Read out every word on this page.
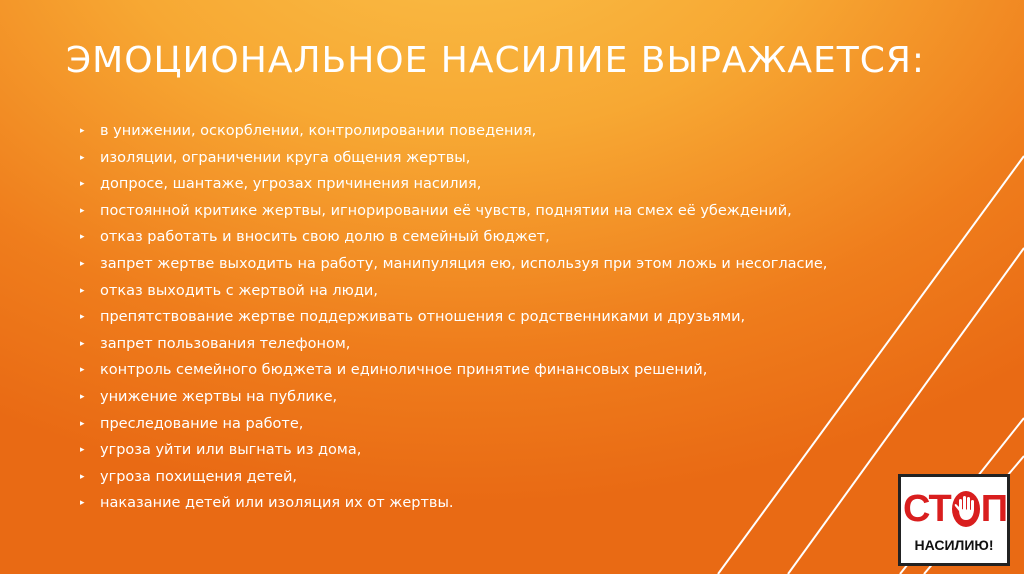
ЭМОЦИОНАЛЬНОЕ НАСИЛИЕ ВЫРАЖАЕТСЯ:
▸ в унижении, оскорблении, контролировании поведения,
▸ изоляции, ограничении круга общения жертвы,
▸ допросе, шантаже, угрозах причинения насилия,
▸ постоянной критике жертвы, игнорировании её чувств, поднятии на смех её убеждений,
▸ отказ работать и вносить свою долю в семейный бюджет,
▸ запрет жертве выходить на работу, манипуляция ею, используя при этом ложь и несогласие,
▸ отказ выходить с жертвой на люди,
▸ препятствование жертве поддерживать отношения с родственниками и друзьями,
▸ запрет пользования телефоном,
▸ контроль семейного бюджета и единоличное принятие финансовых решений,
▸ унижение жертвы на публике,
▸ преследование на работе,
▸ угроза уйти или выгнать из дома,
▸ угроза похищения детей,
▸ наказание детей или изоляция их от жертвы.	СТ П
НАСИЛИЮ!
